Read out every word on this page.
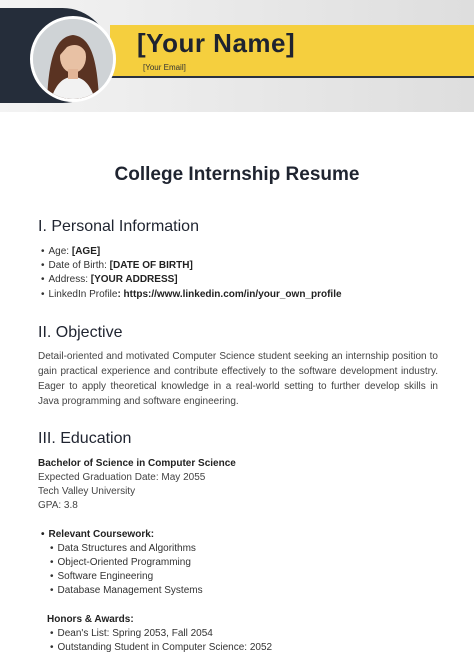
[Your Name]
[Your Email]
College Internship Resume
I. Personal Information
• Age: [AGE]
• Date of Birth: [DATE OF BIRTH]
• Address: [YOUR ADDRESS]
• LinkedIn Profile: https://www.linkedin.com/in/your_own_profile
II. Objective
Detail-oriented and motivated Computer Science student seeking an internship position to gain practical experience and contribute effectively to the software development industry. Eager to apply theoretical knowledge in a real-world setting to further develop skills in Java programming and software engineering.
III. Education
Bachelor of Science in Computer Science
Expected Graduation Date: May 2055
Tech Valley University
GPA: 3.8
• Relevant Coursework:
• Data Structures and Algorithms
• Object-Oriented Programming
• Software Engineering
• Database Management Systems
Honors & Awards:
• Dean's List: Spring 2053, Fall 2054
• Outstanding Student in Computer Science: 2052
